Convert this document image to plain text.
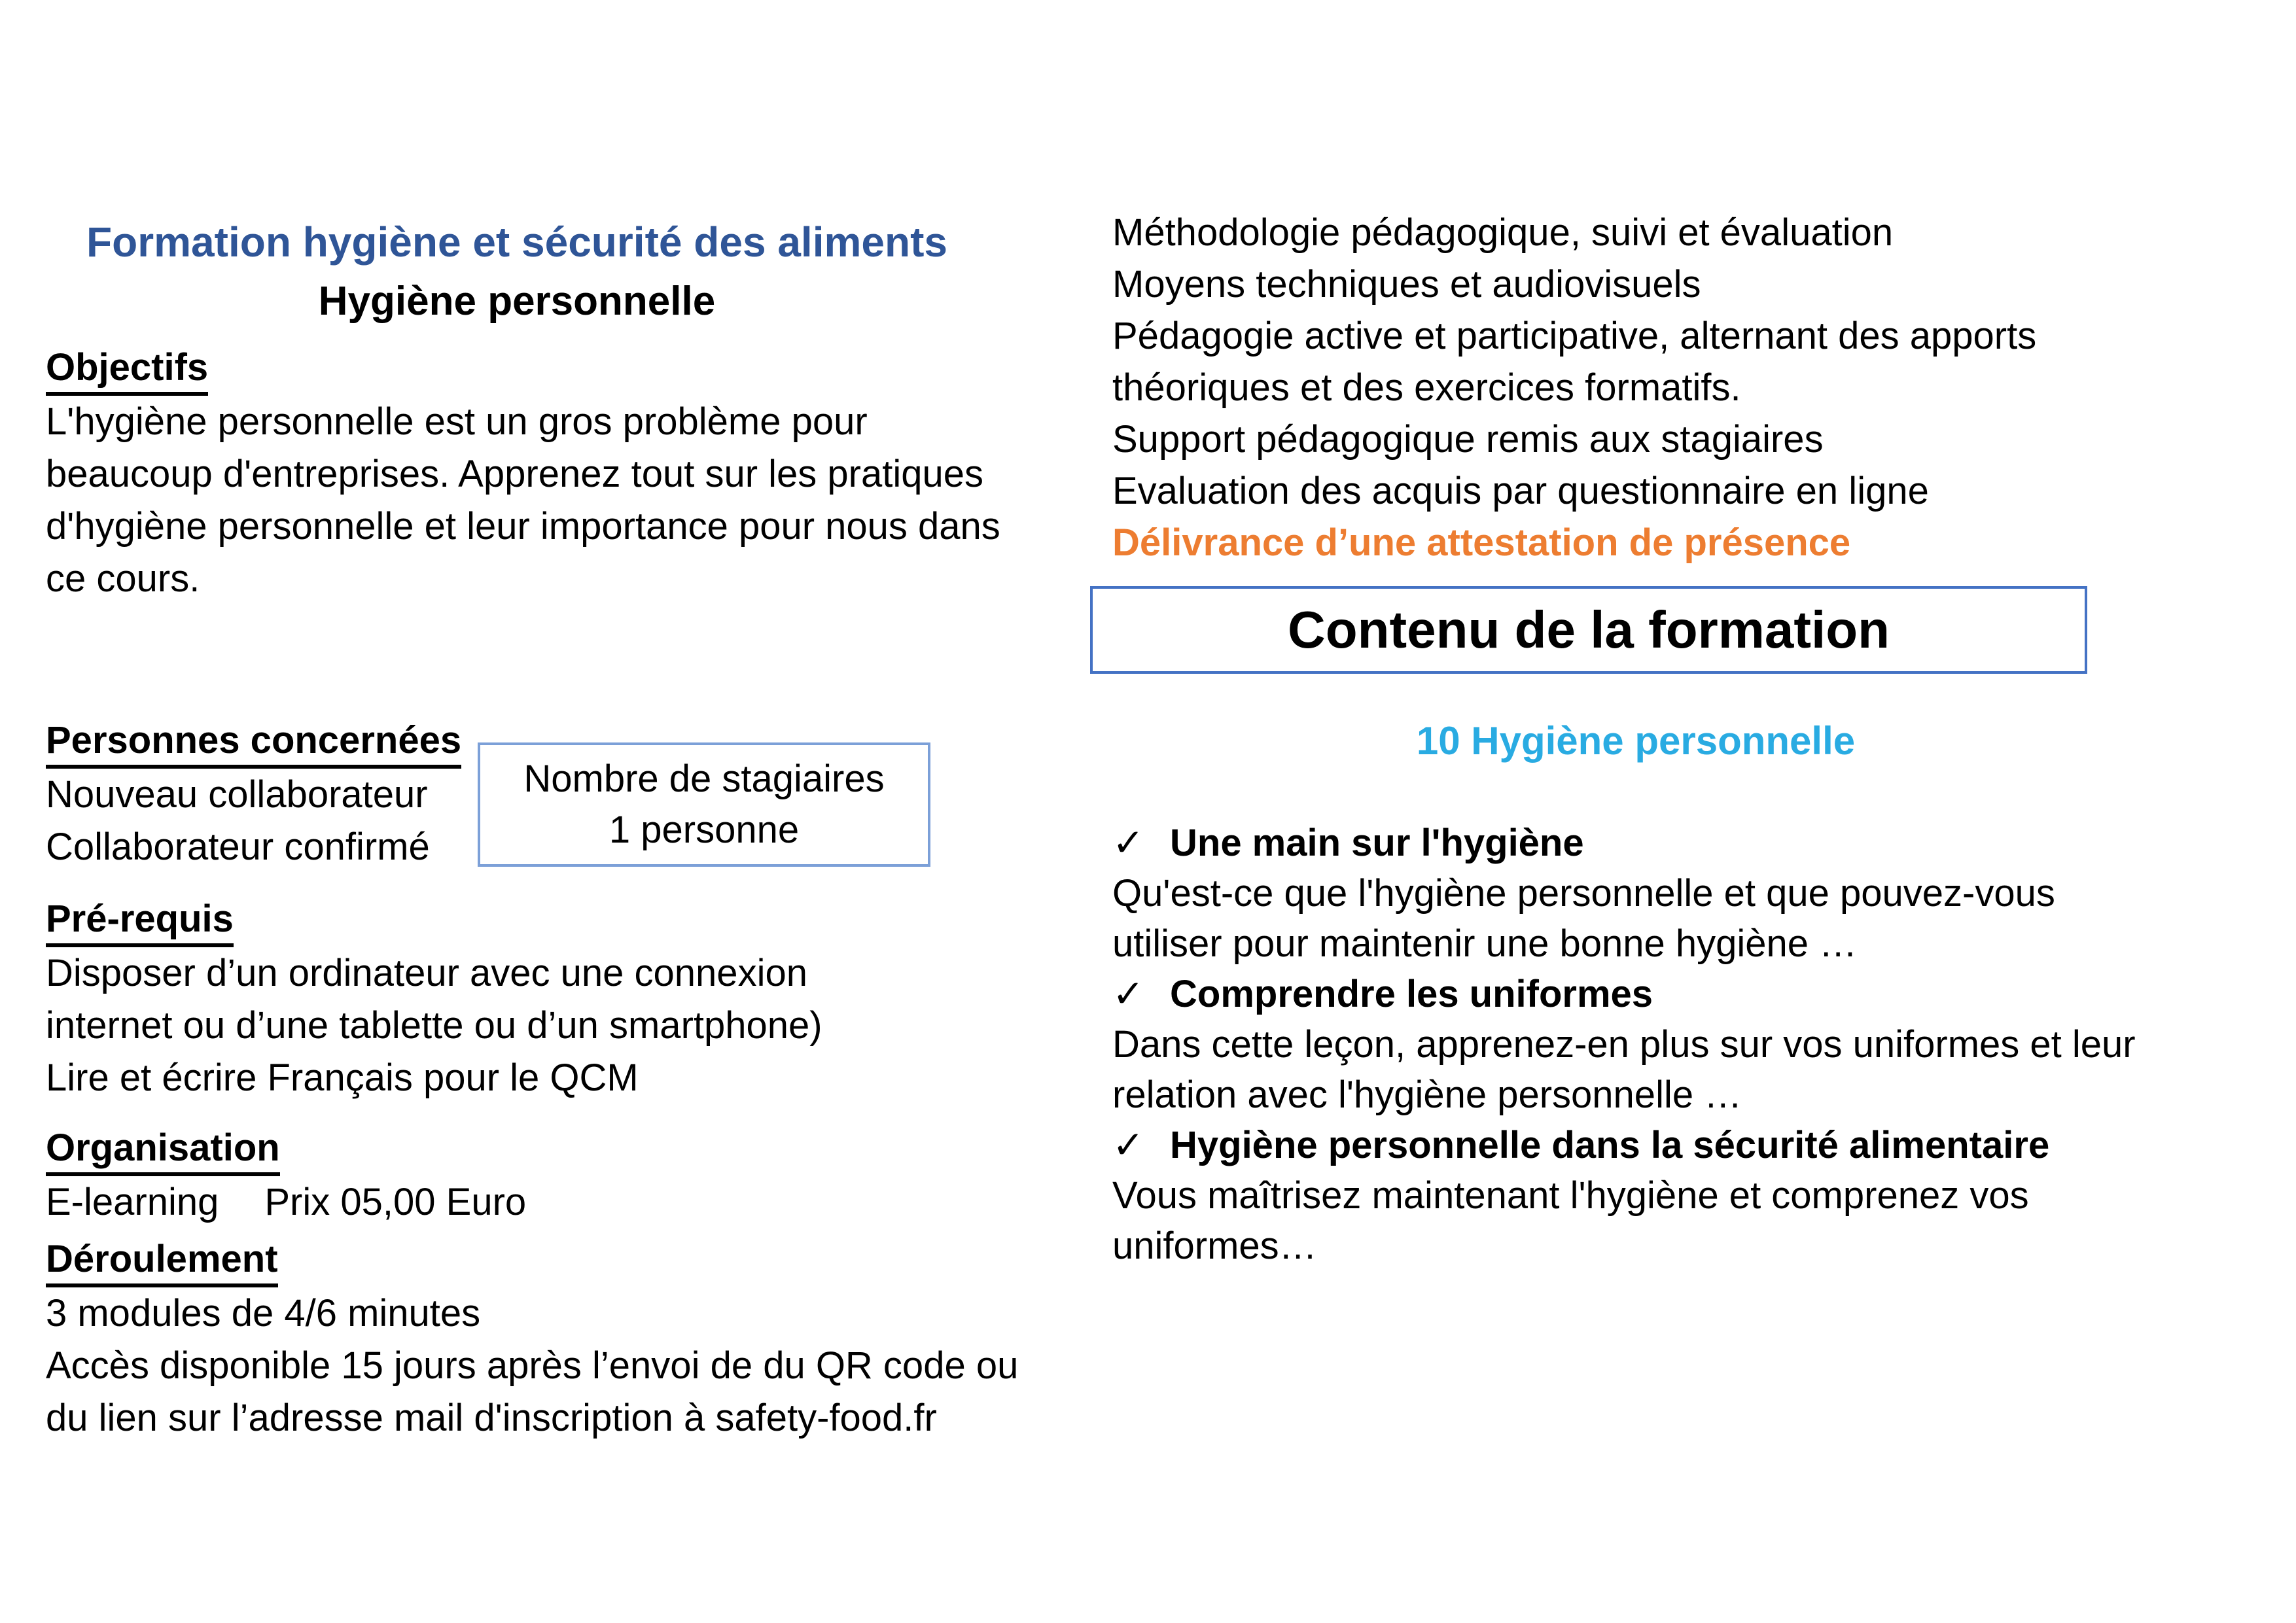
Formation hygiène et sécurité des aliments
Hygiène personnelle
Objectifs
L'hygiène personnelle est un gros problème pour
beaucoup d'entreprises. Apprenez tout sur les pratiques
d'hygiène personnelle et leur importance pour nous dans
ce cours.
Personnes concernées
Nouveau collaborateur
Collaborateur confirmé
Nombre de stagiaires
1 personne
Pré-requis
Disposer d’un ordinateur avec une connexion
internet ou d’une tablette ou d’un smartphone)
Lire et écrire Français pour le QCM
Organisation
E-learning Prix 05,00 Euro
Déroulement
3 modules de 4/6 minutes
Accès disponible 15 jours après l’envoi de du QR code ou
du lien sur l’adresse mail d'inscription à safety-food.fr
Méthodologie pédagogique, suivi et évaluation
Moyens techniques et audiovisuels
Pédagogie active et participative, alternant des apports
théoriques et des exercices formatifs.
Support pédagogique remis aux stagiaires
Evaluation des acquis par questionnaire en ligne
Délivrance d’une attestation de présence
Contenu de la formation
10 Hygiène personnelle
✓ Une main sur l'hygiène
Qu'est-ce que l'hygiène personnelle et que pouvez-vous
utiliser pour maintenir une bonne hygiène …
✓ Comprendre les uniformes
Dans cette leçon, apprenez-en plus sur vos uniformes et leur
relation avec l'hygiène personnelle …
✓ Hygiène personnelle dans la sécurité alimentaire
Vous maîtrisez maintenant l'hygiène et comprenez vos
uniformes…
